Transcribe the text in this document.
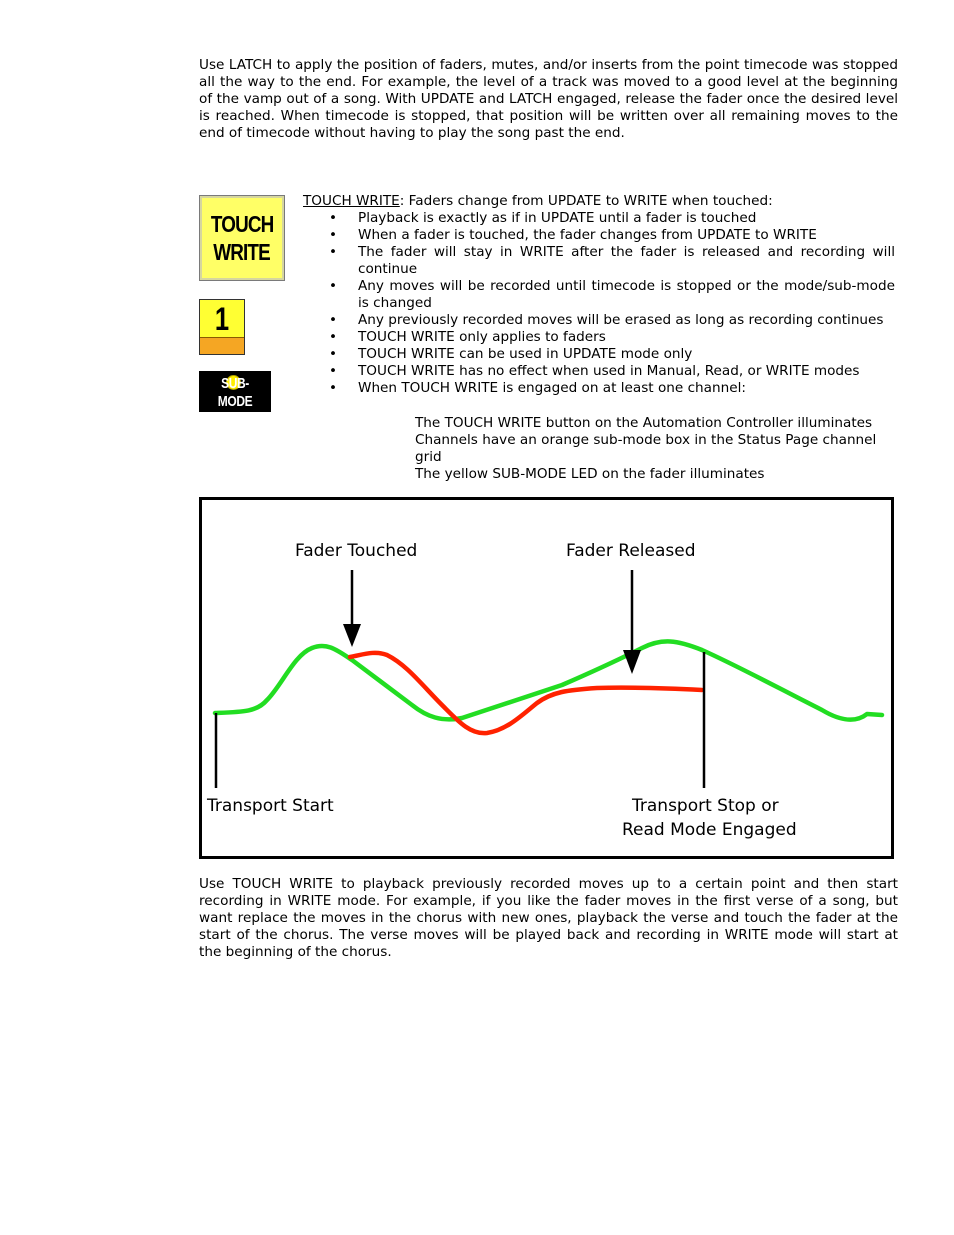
Use LATCH to apply the position of faders, mutes, and/or inserts from the point timecode was stopped all the way to the end. For example, the level of a track was moved to a good level at the beginning of the vamp out of a song. With UPDATE and LATCH engaged, release the fader once the desired level is reached. When timecode is stopped, that position will be written over all remaining moves to the end of timecode without having to play the song past the end.

TOUCH
WRITE
1
SUB-MODE

TOUCH WRITE: Faders change from UPDATE to WRITE when touched:

• Playback is exactly as if in UPDATE until a fader is touched
• When a fader is touched, the fader changes from UPDATE to WRITE
• The fader will stay in WRITE after the fader is released and recording will continue
• Any moves will be recorded until timecode is stopped or the mode/sub-mode is changed
• Any previously recorded moves will be erased as long as recording continues
• TOUCH WRITE only applies to faders
• TOUCH WRITE can be used in UPDATE mode only
• TOUCH WRITE has no effect when used in Manual, Read, or WRITE modes
• When TOUCH WRITE is engaged on at least one channel:
The TOUCH WRITE button on the Automation Controller illuminates
Channels have an orange sub-mode box in the Status Page channel grid
The yellow SUB-MODE LED on the fader illuminates
Fader Touched	Fader Released
Transport Start	Transport Stop or
Read Mode Engaged

Use TOUCH WRITE to playback previously recorded moves up to a certain point and then start recording in WRITE mode. For example, if you like the fader moves in the first verse of a song, but want replace the moves in the chorus with new ones, playback the verse and touch the fader at the start of the chorus. The verse moves will be played back and recording in WRITE mode will start at the beginning of the chorus.
